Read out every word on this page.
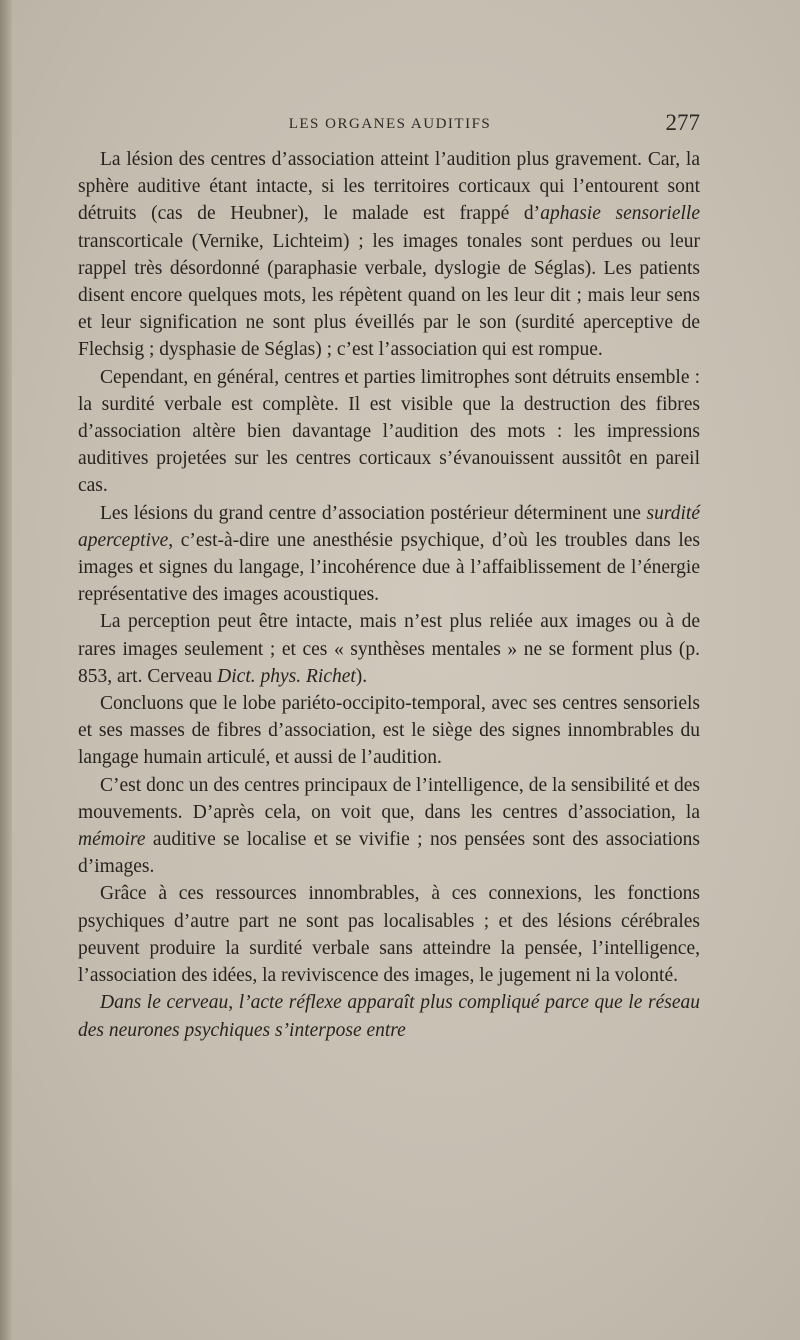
LES ORGANES AUDITIFS	277

La lésion des centres d’association atteint l’audition plus gravement. Car, la sphère auditive étant intacte, si les territoires corticaux qui l’entourent sont détruits (cas de Heubner), le malade est frappé d’aphasie sensorielle transcorticale (Vernike, Lichteim) ; les images tonales sont perdues ou leur rappel très désordonné (paraphasie verbale, dyslogie de Séglas). Les patients disent encore quelques mots, les répètent quand on les leur dit ; mais leur sens et leur signification ne sont plus éveillés par le son (surdité aperceptive de Flechsig ; dysphasie de Séglas) ; c’est l’association qui est rompue.

Cependant, en général, centres et parties limitrophes sont détruits ensemble : la surdité verbale est complète. Il est visible que la destruction des fibres d’association altère bien davantage l’audition des mots : les impressions auditives projetées sur les centres corticaux s’évanouissent aussitôt en pareil cas.

Les lésions du grand centre d’association postérieur déterminent une surdité aperceptive, c’est-à-dire une anesthésie psychique, d’où les troubles dans les images et signes du langage, l’incohérence due à l’affaiblissement de l’énergie représentative des images acoustiques.

La perception peut être intacte, mais n’est plus reliée aux images ou à de rares images seulement ; et ces « synthèses mentales » ne se forment plus (p. 853, art. Cerveau Dict. phys. Richet).

Concluons que le lobe pariéto-occipito-temporal, avec ses centres sensoriels et ses masses de fibres d’association, est le siège des signes innombrables du langage humain articulé, et aussi de l’audition.

C’est donc un des centres principaux de l’intelligence, de la sensibilité et des mouvements. D’après cela, on voit que, dans les centres d’association, la mémoire auditive se localise et se vivifie ; nos pensées sont des associations d’images.

Grâce à ces ressources innombrables, à ces connexions, les fonctions psychiques d’autre part ne sont pas localisables ; et des lésions cérébrales peuvent produire la surdité verbale sans atteindre la pensée, l’intelligence, l’association des idées, la reviviscence des images, le jugement ni la volonté.

Dans le cerveau, l’acte réflexe apparaît plus compliqué parce que le réseau des neurones psychiques s’interpose entre
